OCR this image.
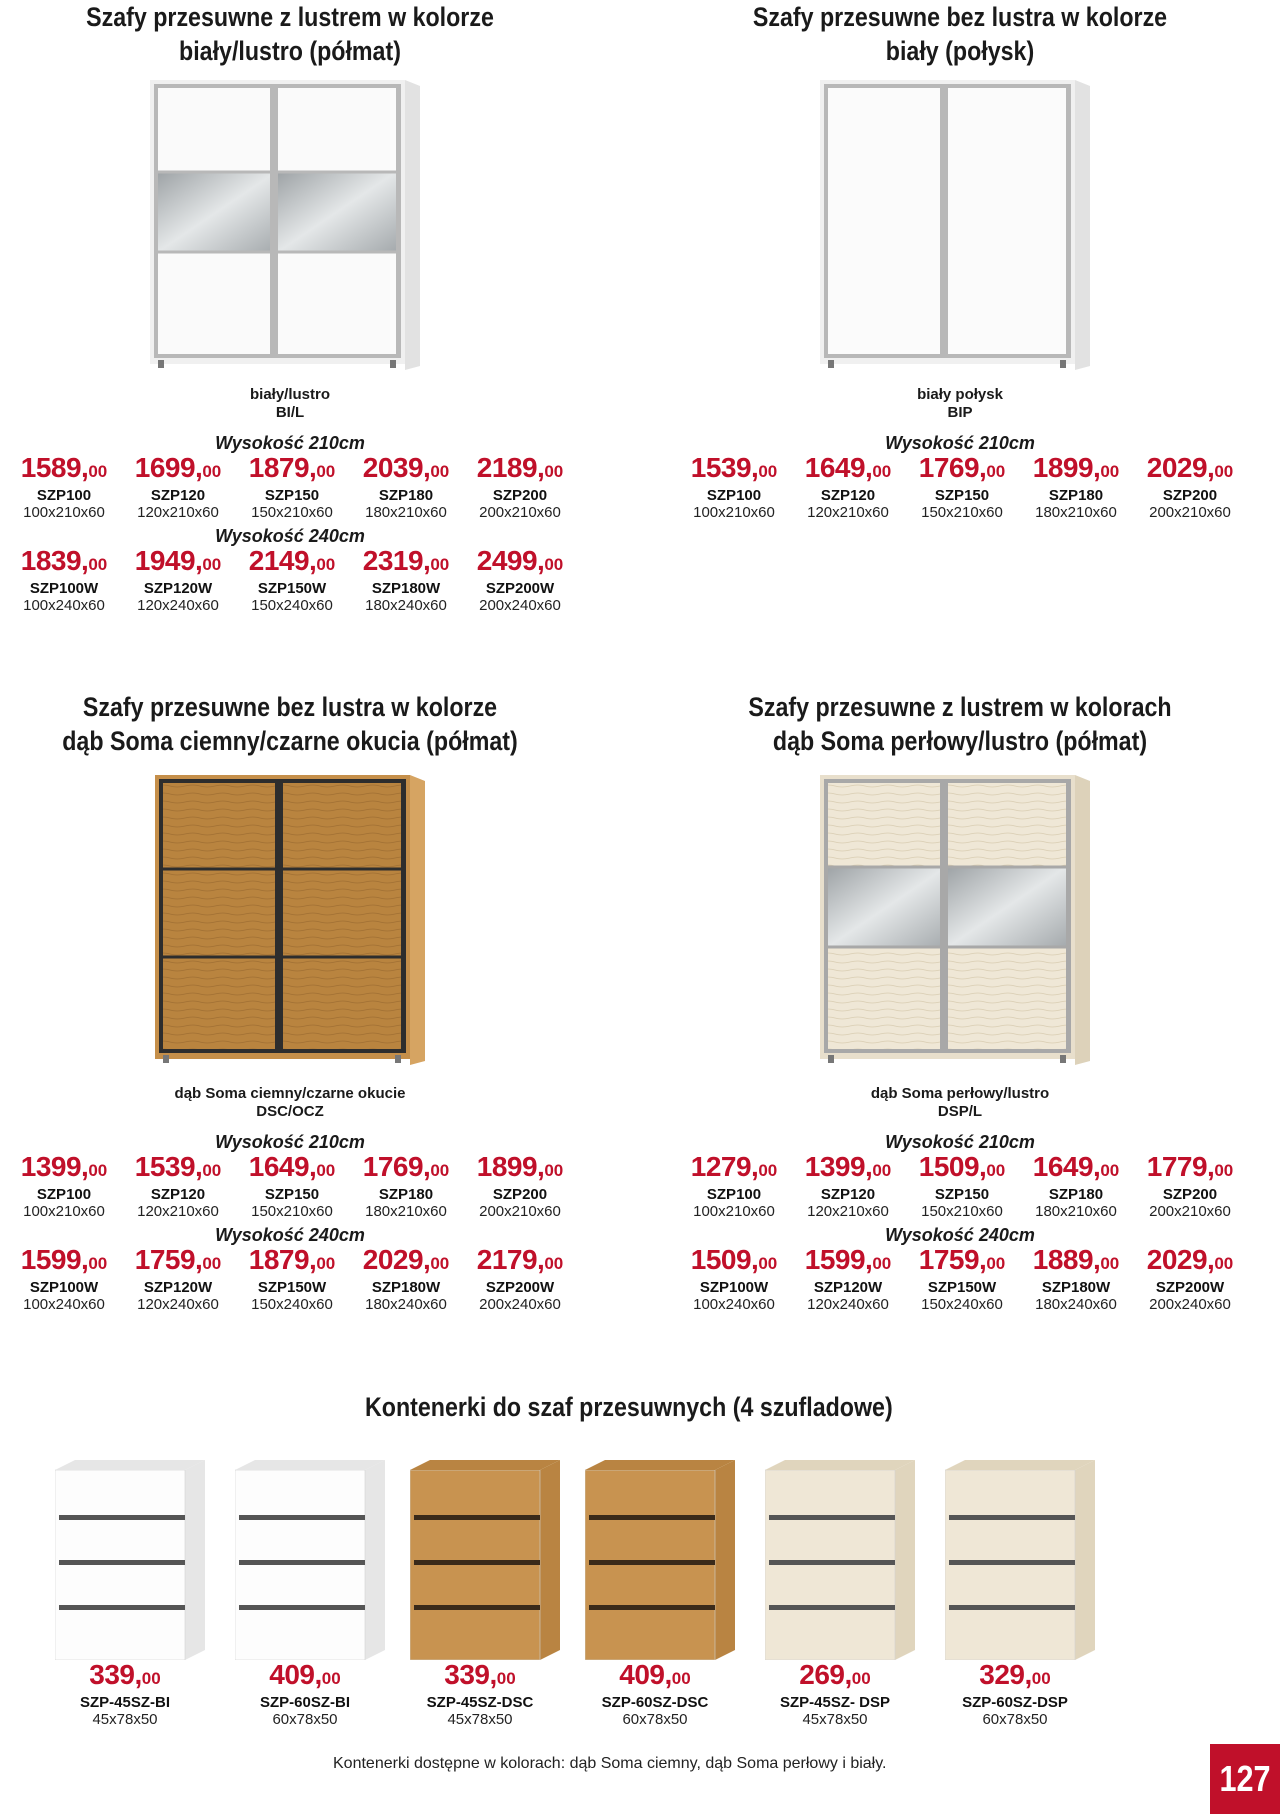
Szafy przesuwne z lustrem w kolorze
biały/lustro (półmat)
biały/lustro
BI/L
Wysokość 210cm
1589,00
SZP100
100x210x60
1699,00
SZP120
120x210x60
1879,00
SZP150
150x210x60
2039,00
SZP180
180x210x60
2189,00
SZP200
200x210x60
Wysokość 240cm
1839,00
SZP100W
100x240x60
1949,00
SZP120W
120x240x60
2149,00
SZP150W
150x240x60
2319,00
SZP180W
180x240x60
2499,00
SZP200W
200x240x60
Szafy przesuwne bez lustra w kolorze
biały (połysk)
biały połysk
BIP
Wysokość 210cm
1539,00
SZP100
100x210x60
1649,00
SZP120
120x210x60
1769,00
SZP150
150x210x60
1899,00
SZP180
180x210x60
2029,00
SZP200
200x210x60
Szafy przesuwne bez lustra w kolorze
dąb Soma ciemny/czarne okucia (półmat)
dąb Soma ciemny/czarne okucie
DSC/OCZ
Wysokość 210cm
1399,00
SZP100
100x210x60
1539,00
SZP120
120x210x60
1649,00
SZP150
150x210x60
1769,00
SZP180
180x210x60
1899,00
SZP200
200x210x60
Wysokość 240cm
1599,00
SZP100W
100x240x60
1759,00
SZP120W
120x240x60
1879,00
SZP150W
150x240x60
2029,00
SZP180W
180x240x60
2179,00
SZP200W
200x240x60
Szafy przesuwne z lustrem w kolorach
dąb Soma perłowy/lustro (półmat)
dąb Soma perłowy/lustro
DSP/L
Wysokość 210cm
1279,00
SZP100
100x210x60
1399,00
SZP120
120x210x60
1509,00
SZP150
150x210x60
1649,00
SZP180
180x210x60
1779,00
SZP200
200x210x60
Wysokość 240cm
1509,00
SZP100W
100x240x60
1599,00
SZP120W
120x240x60
1759,00
SZP150W
150x240x60
1889,00
SZP180W
180x240x60
2029,00
SZP200W
200x240x60
Kontenerki do szaf przesuwnych (4 szufladowe)
339,00
SZP-45SZ-BI
45x78x50
409,00
SZP-60SZ-BI
60x78x50
339,00
SZP-45SZ-DSC
45x78x50
409,00
SZP-60SZ-DSC
60x78x50
269,00
SZP-45SZ- DSP
45x78x50
329,00
SZP-60SZ-DSP
60x78x50
Kontenerki dostępne w kolorach: dąb Soma ciemny, dąb Soma perłowy i biały.	127
